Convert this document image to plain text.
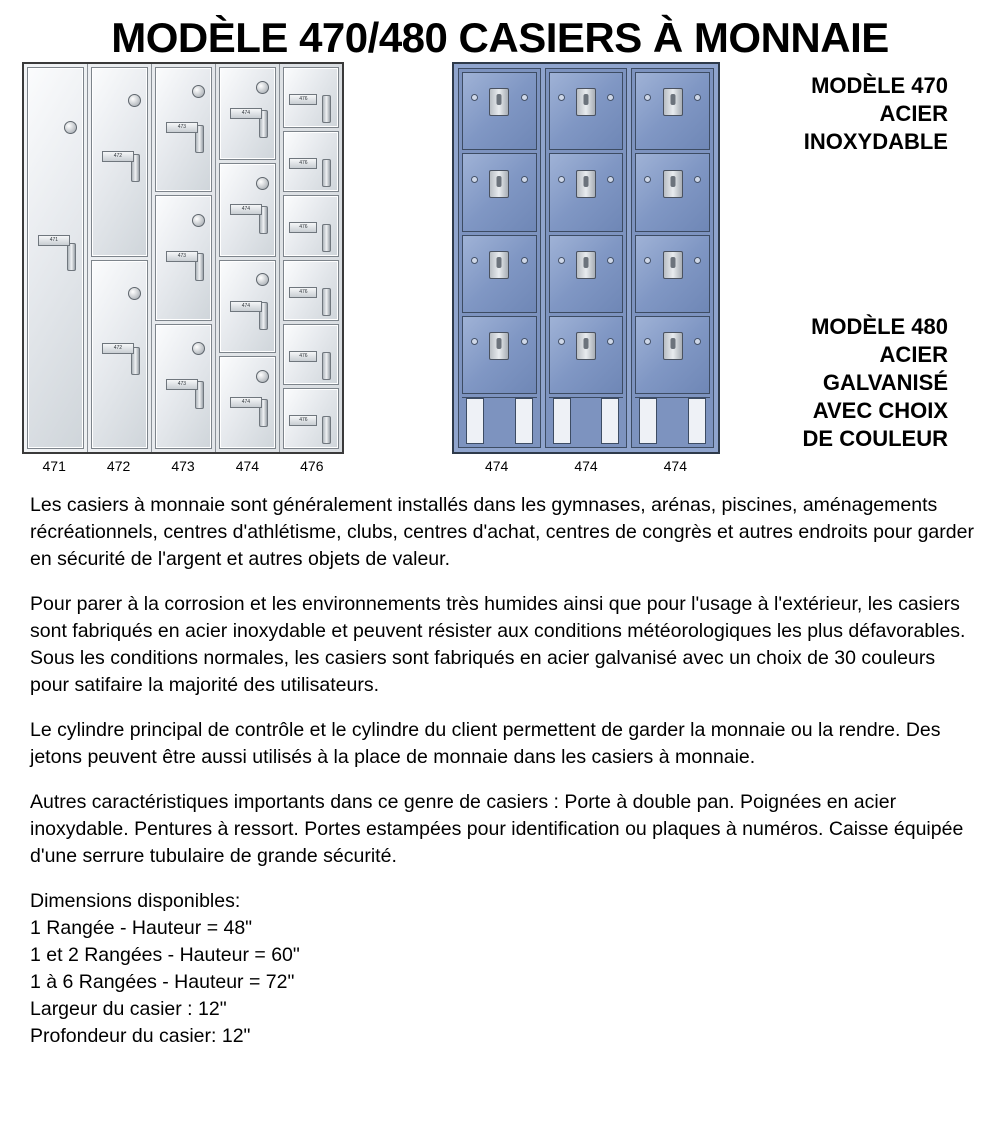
MODÈLE 470/480 CASIERS À MONNAIE
471
472
472
473
473
473
474
474
474
474
476
476
476
476
476
476
471	472	473	474	476	474	474	474
MODÈLE 470
ACIER
INOXYDABLE
MODÈLE 480
ACIER
GALVANISÉ
AVEC CHOIX
DE COULEUR

Les casiers à monnaie sont généralement installés dans les gymnases, arénas, piscines, aménagements récréationnels, centres d'athlétisme, clubs, centres d'achat, centres de congrès et autres endroits pour garder en sécurité de l'argent et autres objets de valeur.

Pour parer à la corrosion et les environnements très humides ainsi que pour l'usage à l'extérieur, les casiers sont fabriqués en acier inoxydable et peuvent résister aux conditions météorologiques les plus défavorables. Sous les conditions normales, les casiers sont fabriqués en acier galvanisé avec un choix de 30 couleurs pour satifaire la majorité des utilisateurs.

Le cylindre principal de contrôle et le cylindre du client permettent de garder la monnaie ou la rendre. Des jetons peuvent être aussi utilisés à la place de monnaie dans les casiers à monnaie.

Autres caractéristiques importants dans ce genre de casiers : Porte à double pan. Poignées en acier inoxydable. Pentures à ressort. Portes estampées pour identification ou plaques à numéros. Caisse équipée d'une serrure tubulaire de grande sécurité.

Dimensions disponibles:
1 Rangée - Hauteur = 48"
1 et 2 Rangées - Hauteur = 60"
1 à 6 Rangées - Hauteur = 72"
Largeur du casier : 12"
Profondeur du casier: 12"
